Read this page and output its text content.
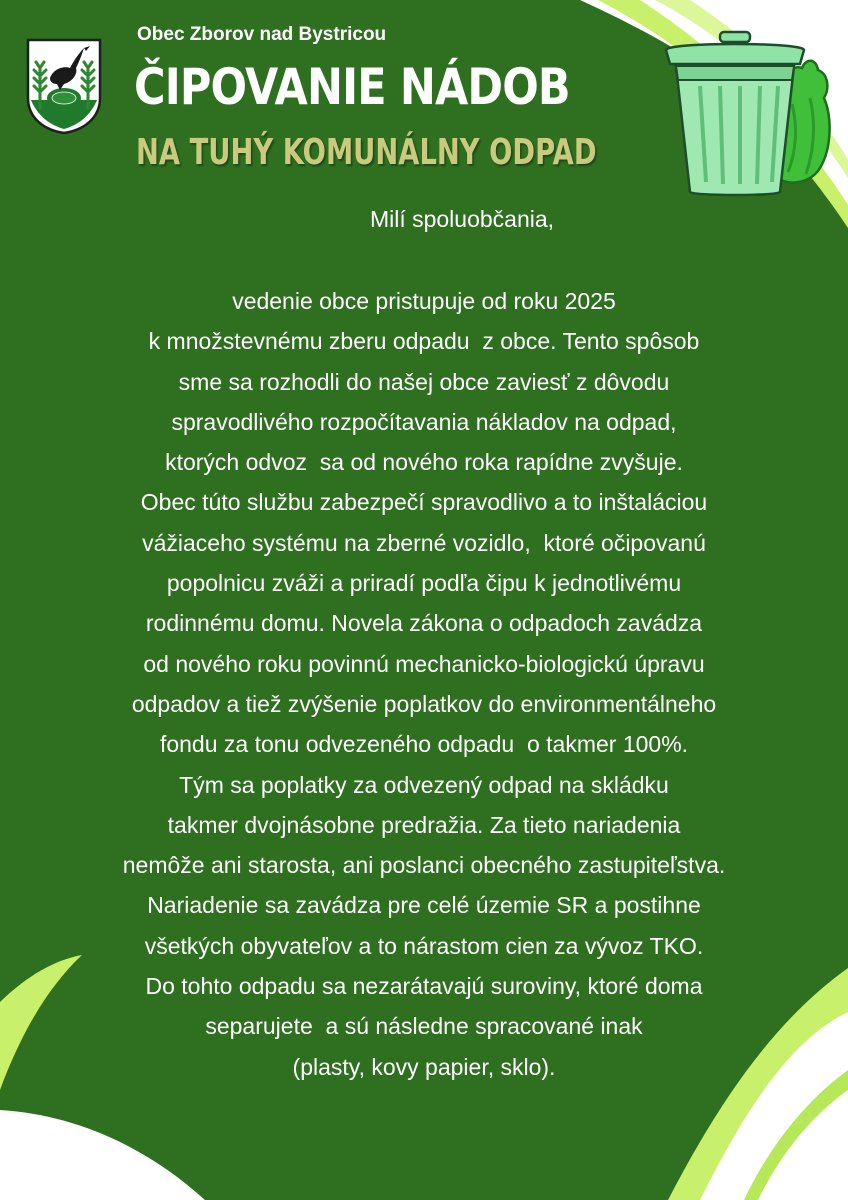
Obec Zborov nad Bystricou
ČIPOVANIE NÁDOB
NA TUHÝ KOMUNÁLNY ODPAD
Milí spoluobčania,
vedenie obce pristupuje od roku 2025
k množstevnému zberu odpadu  z obce. Tento spôsob
sme sa rozhodli do našej obce zaviesť z dôvodu
spravodlivého rozpočítavania nákladov na odpad,
ktorých odvoz  sa od nového roka rapídne zvyšuje.
Obec túto službu zabezpečí spravodlivo a to inštaláciou
vážiaceho systému na zberné vozidlo,  ktoré očipovanú
popolnicu zváži a priradí podľa čipu k jednotlivému
rodinnému domu. Novela zákona o odpadoch zavádza
od nového roku povinnú mechanicko-biologickú úpravu
odpadov a tiež zvýšenie poplatkov do environmentálneho
fondu za tonu odvezeného odpadu  o takmer 100%.
Tým sa poplatky za odvezený odpad na skládku
takmer dvojnásobne predražia. Za tieto nariadenia
nemôže ani starosta, ani poslanci obecného zastupiteľstva.
Nariadenie sa zavádza pre celé územie SR a postihne
všetkých obyvateľov a to nárastom cien za vývoz TKO.
Do tohto odpadu sa nezarátavajú suroviny, ktoré doma
separujete  a sú následne spracované inak
(plasty, kovy papier, sklo).
